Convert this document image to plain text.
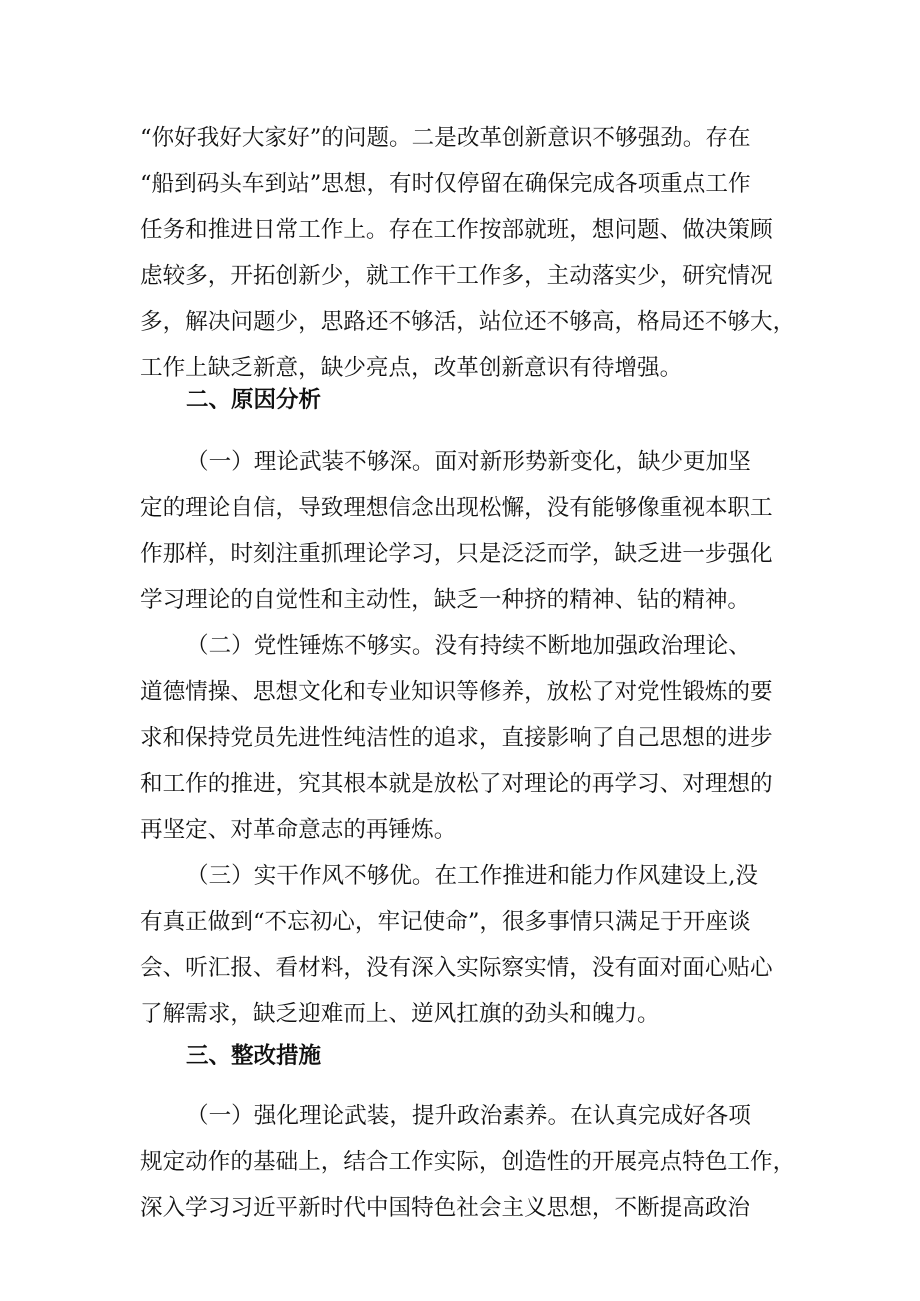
“你好我好大家好”的问题。二是改革创新意识不够强劲。存在
“船到码头车到站”思想，有时仅停留在确保完成各项重点工作
任务和推进日常工作上。存在工作按部就班，想问题、做决策顾
虑较多，开拓创新少，就工作干工作多，主动落实少，研究情况
多，解决问题少，思路还不够活，站位还不够高，格局还不够大，
工作上缺乏新意，缺少亮点，改革创新意识有待增强。
二、原因分析
（一）理论武装不够深。面对新形势新变化，缺少更加坚
定的理论自信，导致理想信念出现松懈，没有能够像重视本职工
作那样，时刻注重抓理论学习，只是泛泛而学，缺乏进一步强化
学习理论的自觉性和主动性，缺乏一种挤的精神、钻的精神。
（二）党性锤炼不够实。没有持续不断地加强政治理论、
道德情操、思想文化和专业知识等修养，放松了对党性锻炼的要
求和保持党员先进性纯洁性的追求，直接影响了自己思想的进步
和工作的推进，究其根本就是放松了对理论的再学习、对理想的
再坚定、对革命意志的再锤炼。
（三）实干作风不够优。在工作推进和能力作风建设上,没
有真正做到“不忘初心，牢记使命”，很多事情只满足于开座谈
会、听汇报、看材料，没有深入实际察实情，没有面对面心贴心
了解需求，缺乏迎难而上、逆风扛旗的劲头和魄力。
三、整改措施
（一）强化理论武装，提升政治素养。在认真完成好各项
规定动作的基础上，结合工作实际，创造性的开展亮点特色工作，
深入学习习近平新时代中国特色社会主义思想，不断提高政治
